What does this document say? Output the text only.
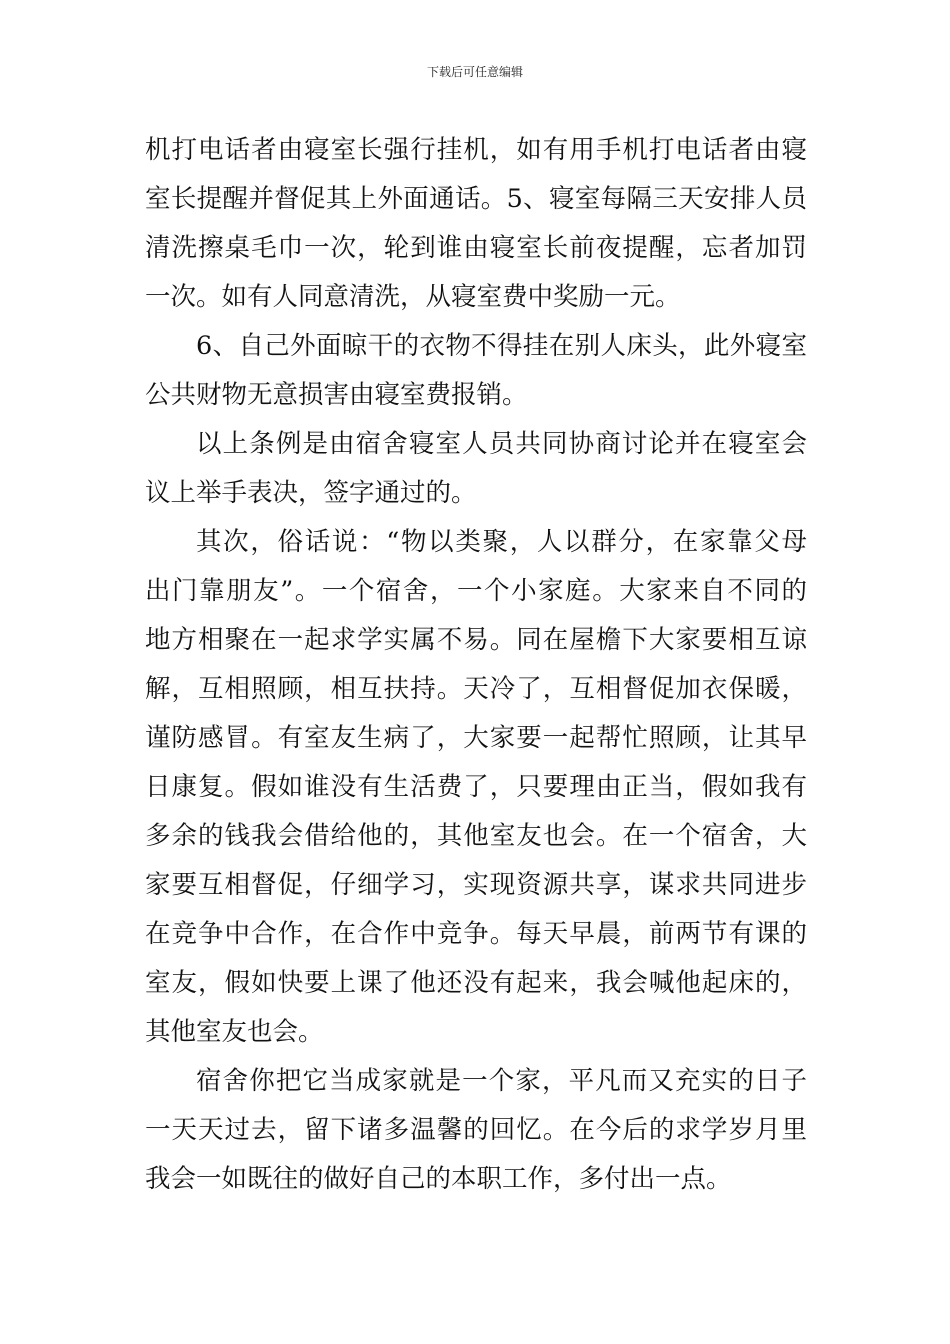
下载后可任意编辑
机打电话者由寝室长强行挂机，如有用手机打电话者由寝
室长提醒并督促其上外面通话。5、寝室每隔三天安排人员
清洗擦桌毛巾一次，轮到谁由寝室长前夜提醒，忘者加罚
一次。如有人同意清洗，从寝室费中奖励一元。
6、自己外面晾干的衣物不得挂在别人床头，此外寝室
公共财物无意损害由寝室费报销。
以上条例是由宿舍寝室人员共同协商讨论并在寝室会
议上举手表决，签字通过的。
其次，俗话说：“物以类聚，人以群分，在家靠父母
出门靠朋友”。一个宿舍，一个小家庭。大家来自不同的
地方相聚在一起求学实属不易。同在屋檐下大家要相互谅
解，互相照顾，相互扶持。天冷了，互相督促加衣保暖，
谨防感冒。有室友生病了，大家要一起帮忙照顾，让其早
日康复。假如谁没有生活费了，只要理由正当，假如我有
多余的钱我会借给他的，其他室友也会。在一个宿舍，大
家要互相督促，仔细学习，实现资源共享，谋求共同进步
在竞争中合作，在合作中竞争。每天早晨，前两节有课的
室友，假如快要上课了他还没有起来，我会喊他起床的，
其他室友也会。
宿舍你把它当成家就是一个家，平凡而又充实的日子
一天天过去，留下诸多温馨的回忆。在今后的求学岁月里
我会一如既往的做好自己的本职工作，多付出一点。
